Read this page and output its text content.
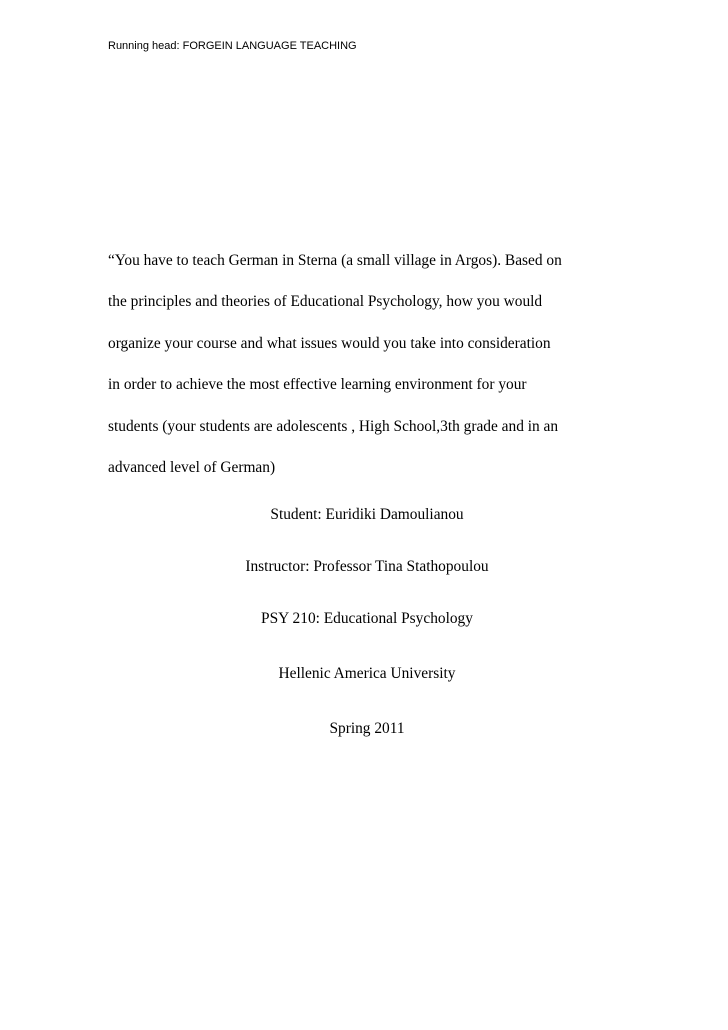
Running head: FORGEIN LANGUAGE TEACHING

“You have to teach German in Sterna (a small village in Argos). Based on
the principles and theories of Educational Psychology, how you would
organize your course and what issues would you take into consideration
in order to achieve the most effective learning environment for your
students (your students are adolescents , High School,3th grade and in an
advanced level of German)

Student: Euridiki Damoulianou
Instructor: Professor Tina Stathopoulou
PSY 210: Educational Psychology
Hellenic America University
Spring 2011
